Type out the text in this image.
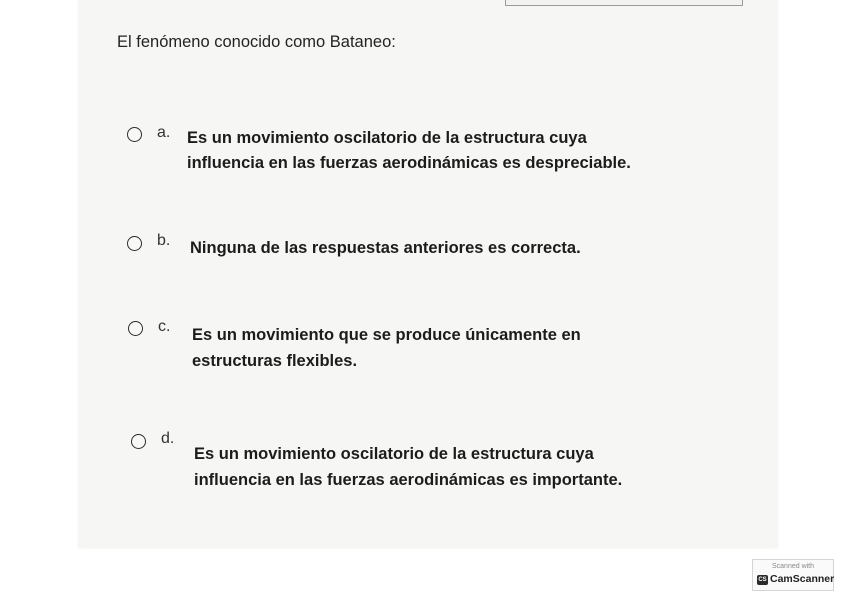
El fenómeno conocido como Bataneo:
a. Es un movimiento oscilatorio de la estructura cuya
influencia en las fuerzas aerodinámicas es despreciable.
b. Ninguna de las respuestas anteriores es correcta.
c. Es un movimiento que se produce únicamente en
estructuras flexibles.
d.
Es un movimiento oscilatorio de la estructura cuya
influencia en las fuerzas aerodinámicas es importante.
Scanned with
CS CamScanner
